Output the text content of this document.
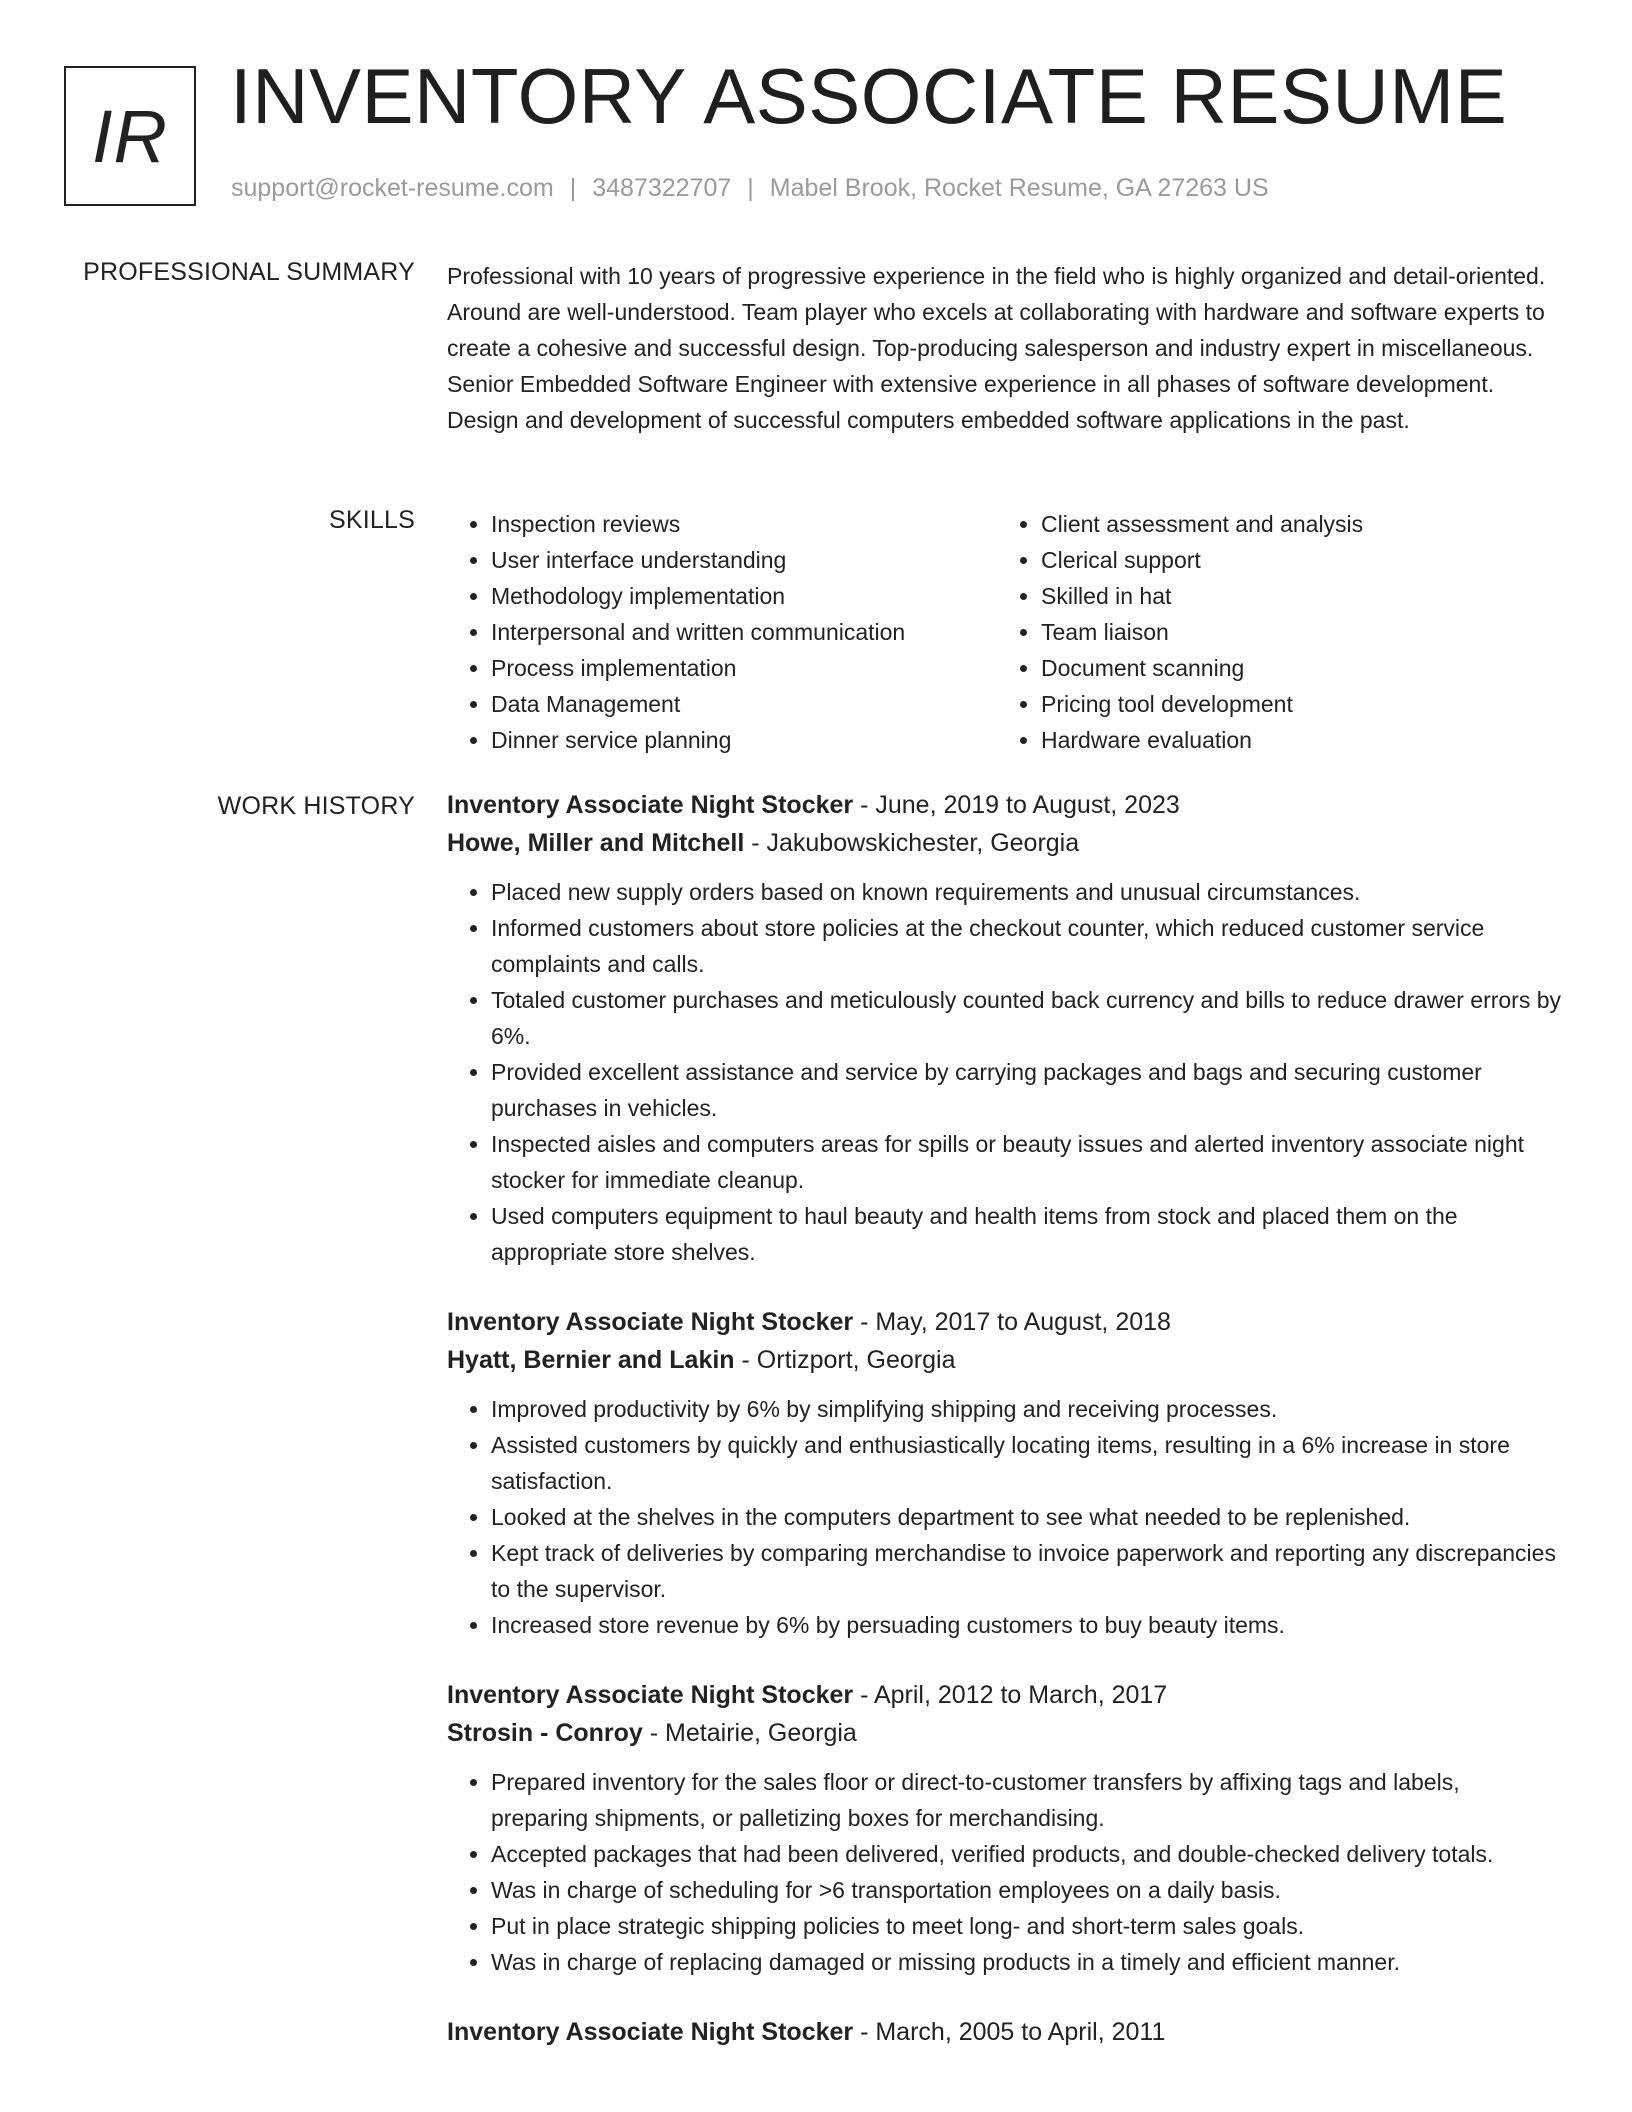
IR INVENTORY ASSOCIATE RESUME
support@rocket-resume.com | 3487322707 | Mabel Brook, Rocket Resume, GA 27263 US
PROFESSIONAL SUMMARY Professional with 10 years of progressive experience in the field who is highly organized and detail-oriented. Around are well-understood. Team player who excels at collaborating with hardware and software experts to create a cohesive and successful design. Top-producing salesperson and industry expert in miscellaneous. Senior Embedded Software Engineer with extensive experience in all phases of software development. Design and development of successful computers embedded software applications in the past.

SKILLS
•	Inspection reviews
• User interface understanding
• Methodology implementation
• Interpersonal and written communication
• Process implementation
• Data Management
• Dinner service planning
• Client assessment and analysis
• Clerical support
• Skilled in hat
• Team liaison
• Document scanning
• Pricing tool development
• Hardware evaluation
WORK HISTORY Inventory Associate Night Stocker - June, 2019 to August, 2023
Howe, Miller and Mitchell - Jakubowskichester, Georgia
• Placed new supply orders based on known requirements and unusual circumstances.
• Informed customers about store policies at the checkout counter, which reduced customer service complaints and calls.
• Totaled customer purchases and meticulously counted back currency and bills to reduce drawer errors by 6%.
• Provided excellent assistance and service by carrying packages and bags and securing customer purchases in vehicles.
• Inspected aisles and computers areas for spills or beauty issues and alerted inventory associate night stocker for immediate cleanup.
• Used computers equipment to haul beauty and health items from stock and placed them on the appropriate store shelves.
Inventory Associate Night Stocker - May, 2017 to August, 2018
Hyatt, Bernier and Lakin - Ortizport, Georgia
• Improved productivity by 6% by simplifying shipping and receiving processes.
• Assisted customers by quickly and enthusiastically locating items, resulting in a 6% increase in store satisfaction.
• Looked at the shelves in the computers department to see what needed to be replenished.
• Kept track of deliveries by comparing merchandise to invoice paperwork and reporting any discrepancies to the supervisor.
• Increased store revenue by 6% by persuading customers to buy beauty items.
Inventory Associate Night Stocker - April, 2012 to March, 2017
Strosin - Conroy - Metairie, Georgia
• Prepared inventory for the sales floor or direct-to-customer transfers by affixing tags and labels, preparing shipments, or palletizing boxes for merchandising.
• Accepted packages that had been delivered, verified products, and double-checked delivery totals.
• Was in charge of scheduling for >6 transportation employees on a daily basis.
• Put in place strategic shipping policies to meet long- and short-term sales goals.
• Was in charge of replacing damaged or missing products in a timely and efficient manner.
Inventory Associate Night Stocker - March, 2005 to April, 2011
